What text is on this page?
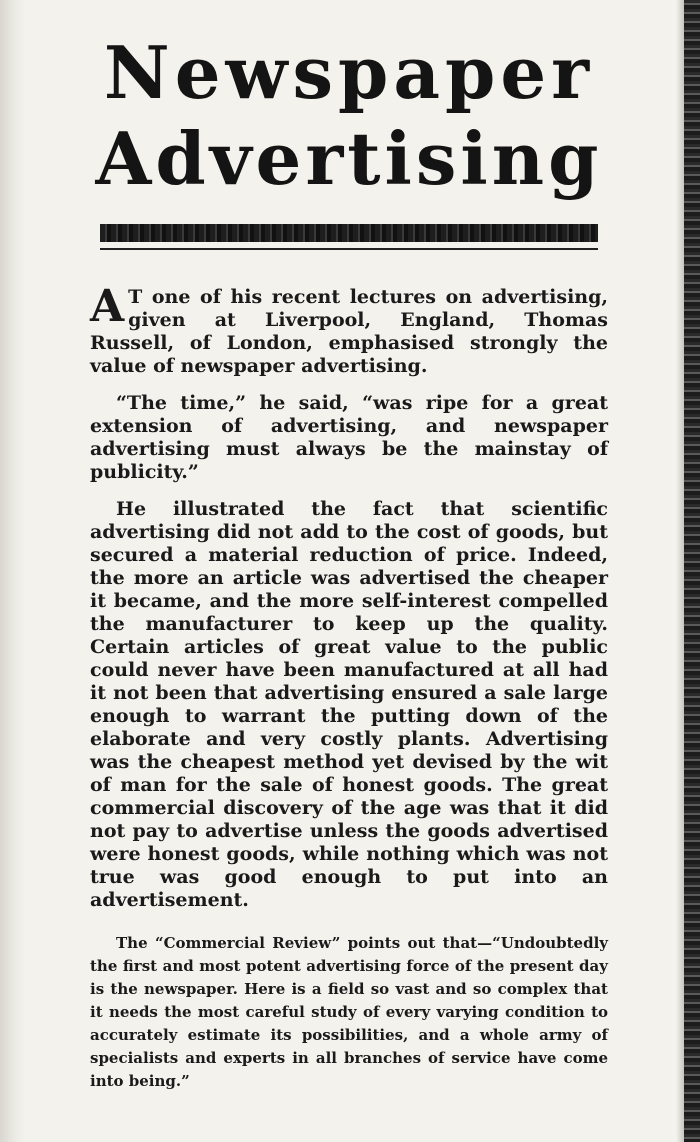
Newspaper
Advertising

A T one of his recent lectures on advertising, given at Liverpool, England, Thomas Russell, of London, emphasised strongly the value of newspaper advertising.

“The time,” he said, “was ripe for a great extension of advertising, and newspaper advertising must always be the mainstay of publicity.”

He illustrated the fact that scientific advertising did not add to the cost of goods, but secured a material reduction of price. Indeed, the more an article was advertised the cheaper it became, and the more self-interest compelled the manufacturer to keep up the quality. Certain articles of great value to the public could never have been manufactured at all had it not been that advertising ensured a sale large enough to warrant the putting down of the elaborate and very costly plants. Advertising was the cheapest method yet devised by the wit of man for the sale of honest goods. The great commercial discovery of the age was that it did not pay to advertise unless the goods advertised were honest goods, while nothing which was not true was good enough to put into an advertisement.

The “Commercial Review” points out that—“Undoubtedly the first and most potent advertising force of the present day is the newspaper. Here is a field so vast and so complex that it needs the most careful study of every varying condition to accurately estimate its possibilities, and a whole army of specialists and experts in all branches of service have come into being.”
